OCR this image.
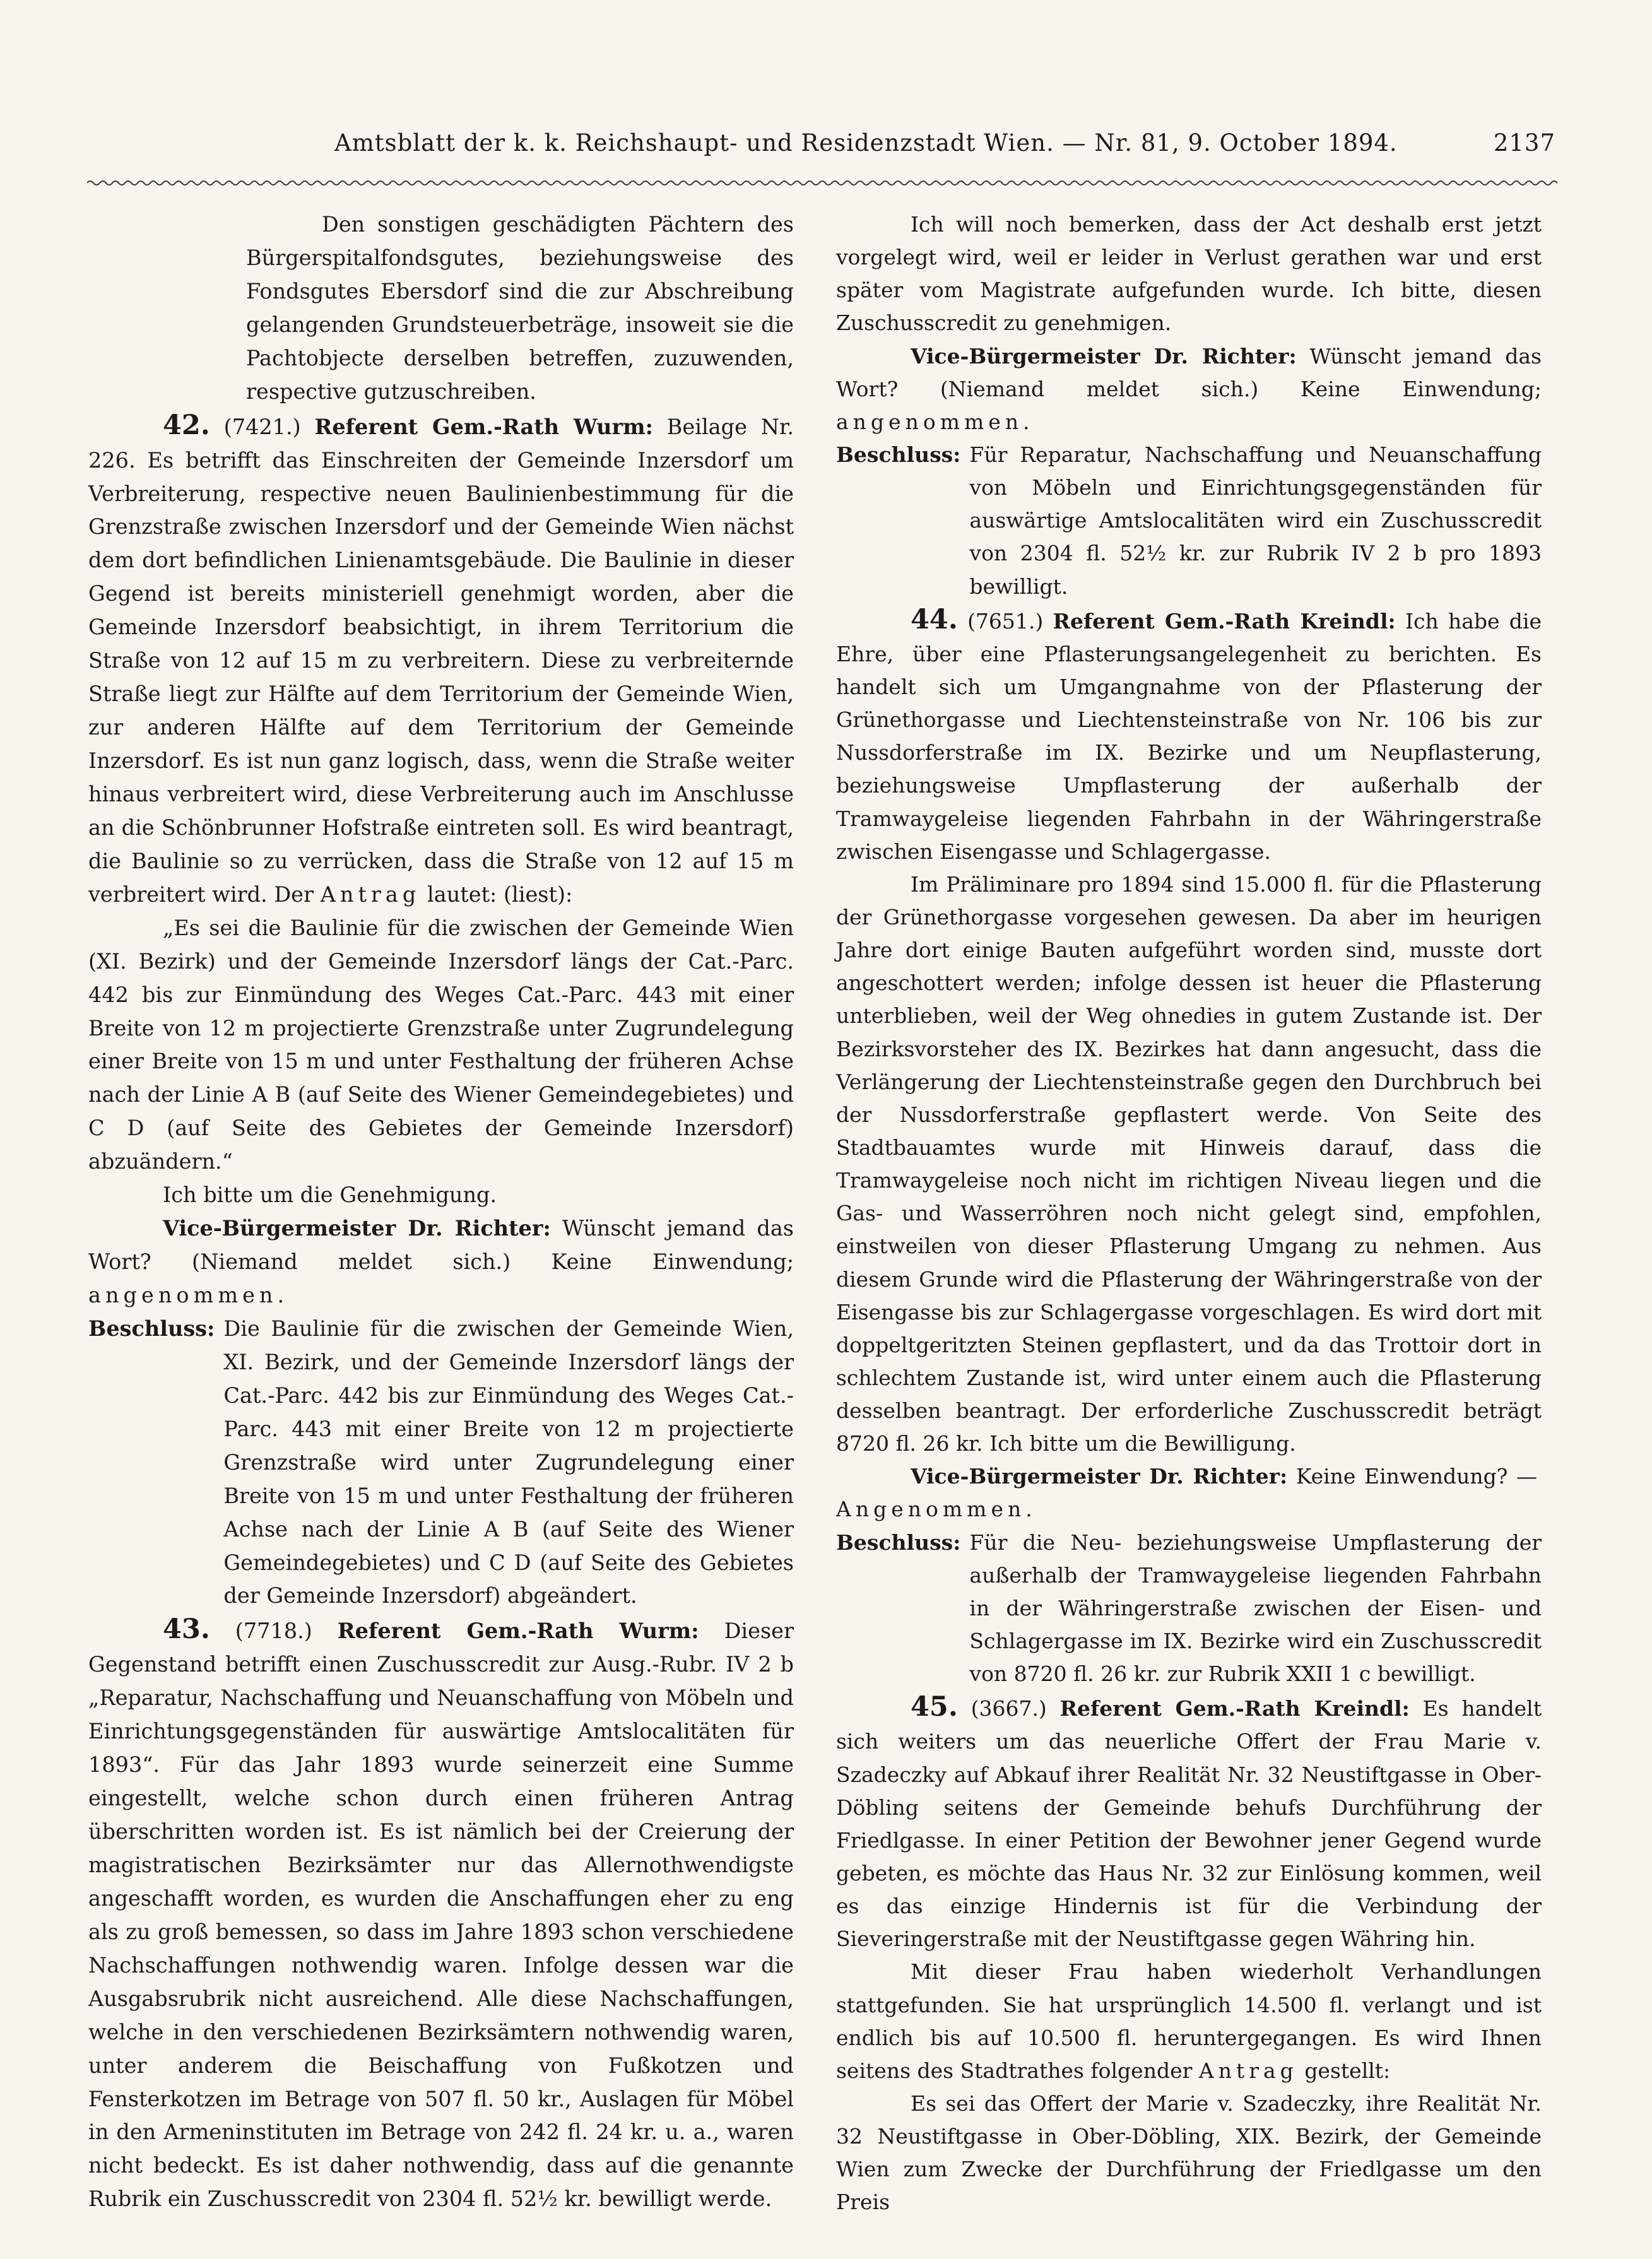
Amtsblatt der k. k. Reichshaupt- und Residenzstadt Wien. — Nr. 81, 9. October 1894.	2137

Den sonstigen geschädigten Pächtern des Bürgerspitalfondsgutes, beziehungsweise des Fondsgutes Ebersdorf sind die zur Abschreibung gelangenden Grundsteuerbeträge, insoweit sie die Pachtobjecte derselben betreffen, zuzuwenden, respective gutzuschreiben.

42. (7421.) Referent Gem.-Rath Wurm: Beilage Nr. 226. Es betrifft das Einschreiten der Gemeinde Inzersdorf um Verbreiterung, respective neuen Baulinienbestimmung für die Grenzstraße zwischen Inzersdorf und der Gemeinde Wien nächst dem dort befindlichen Linienamtsgebäude. Die Baulinie in dieser Gegend ist bereits ministeriell genehmigt worden, aber die Gemeinde Inzersdorf beabsichtigt, in ihrem Territorium die Straße von 12 auf 15 m zu verbreitern. Diese zu verbreiternde Straße liegt zur Hälfte auf dem Territorium der Gemeinde Wien, zur anderen Hälfte auf dem Territorium der Gemeinde Inzersdorf. Es ist nun ganz logisch, dass, wenn die Straße weiter hinaus verbreitert wird, diese Verbreiterung auch im Anschlusse an die Schönbrunner Hofstraße eintreten soll. Es wird beantragt, die Baulinie so zu verrücken, dass die Straße von 12 auf 15 m verbreitert wird. Der Antrag lautet: (liest):

„Es sei die Baulinie für die zwischen der Gemeinde Wien (XI. Bezirk) und der Gemeinde Inzersdorf längs der Cat.-Parc. 442 bis zur Einmündung des Weges Cat.-Parc. 443 mit einer Breite von 12 m projectierte Grenzstraße unter Zugrundelegung einer Breite von 15 m und unter Festhaltung der früheren Achse nach der Linie A B (auf Seite des Wiener Gemeindegebietes) und C D (auf Seite des Gebietes der Gemeinde Inzersdorf) abzuändern.“

Ich bitte um die Genehmigung.

Vice-Bürgermeister Dr. Richter: Wünscht jemand das Wort? (Niemand meldet sich.) Keine Einwendung; angenommen.

Beschluss: Die Baulinie für die zwischen der Gemeinde Wien, XI. Bezirk, und der Gemeinde Inzersdorf längs der Cat.-Parc. 442 bis zur Einmündung des Weges Cat.-Parc. 443 mit einer Breite von 12 m projectierte Grenzstraße wird unter Zugrundelegung einer Breite von 15 m und unter Festhaltung der früheren Achse nach der Linie A B (auf Seite des Wiener Gemeindegebietes) und C D (auf Seite des Gebietes der Gemeinde Inzersdorf) abgeändert.

43. (7718.) Referent Gem.-Rath Wurm: Dieser Gegenstand betrifft einen Zuschusscredit zur Ausg.-Rubr. IV 2 b „Reparatur, Nachschaffung und Neuanschaffung von Möbeln und Einrichtungsgegenständen für auswärtige Amtslocalitäten für 1893“. Für das Jahr 1893 wurde seinerzeit eine Summe eingestellt, welche schon durch einen früheren Antrag überschritten worden ist. Es ist nämlich bei der Creierung der magistratischen Bezirksämter nur das Allernothwendigste angeschafft worden, es wurden die Anschaffungen eher zu eng als zu groß bemessen, so dass im Jahre 1893 schon verschiedene Nachschaffungen nothwendig waren. Infolge dessen war die Ausgabsrubrik nicht ausreichend. Alle diese Nachschaffungen, welche in den verschiedenen Bezirksämtern nothwendig waren, unter anderem die Beischaffung von Fußkotzen und Fensterkotzen im Betrage von 507 fl. 50 kr., Auslagen für Möbel in den Armeninstituten im Betrage von 242 fl. 24 kr. u. a., waren nicht bedeckt. Es ist daher nothwendig, dass auf die genannte Rubrik ein Zuschusscredit von 2304 fl. 52½ kr. bewilligt werde.

Ich will noch bemerken, dass der Act deshalb erst jetzt vorgelegt wird, weil er leider in Verlust gerathen war und erst später vom Magistrate aufgefunden wurde. Ich bitte, diesen Zuschusscredit zu genehmigen.

Vice-Bürgermeister Dr. Richter: Wünscht jemand das Wort? (Niemand meldet sich.) Keine Einwendung; angenommen.

Beschluss: Für Reparatur, Nachschaffung und Neuanschaffung von Möbeln und Einrichtungsgegenständen für auswärtige Amtslocalitäten wird ein Zuschusscredit von 2304 fl. 52½ kr. zur Rubrik IV 2 b pro 1893 bewilligt.

44. (7651.) Referent Gem.-Rath Kreindl: Ich habe die Ehre, über eine Pflasterungsangelegenheit zu berichten. Es handelt sich um Umgangnahme von der Pflasterung der Grünethorgasse und Liechtensteinstraße von Nr. 106 bis zur Nussdorferstraße im IX. Bezirke und um Neupflasterung, beziehungsweise Umpflasterung der außerhalb der Tramwaygeleise liegenden Fahrbahn in der Währingerstraße zwischen Eisengasse und Schlagergasse.

Im Präliminare pro 1894 sind 15.000 fl. für die Pflasterung der Grünethorgasse vorgesehen gewesen. Da aber im heurigen Jahre dort einige Bauten aufgeführt worden sind, musste dort angeschottert werden; infolge dessen ist heuer die Pflasterung unterblieben, weil der Weg ohnedies in gutem Zustande ist. Der Bezirksvorsteher des IX. Bezirkes hat dann angesucht, dass die Verlängerung der Liechtensteinstraße gegen den Durchbruch bei der Nussdorferstraße gepflastert werde. Von Seite des Stadtbauamtes wurde mit Hinweis darauf, dass die Tramwaygeleise noch nicht im richtigen Niveau liegen und die Gas- und Wasserröhren noch nicht gelegt sind, empfohlen, einstweilen von dieser Pflasterung Umgang zu nehmen. Aus diesem Grunde wird die Pflasterung der Währingerstraße von der Eisengasse bis zur Schlagergasse vorgeschlagen. Es wird dort mit doppeltgeritzten Steinen gepflastert, und da das Trottoir dort in schlechtem Zustande ist, wird unter einem auch die Pflasterung desselben beantragt. Der erforderliche Zuschusscredit beträgt 8720 fl. 26 kr. Ich bitte um die Bewilligung.

Vice-Bürgermeister Dr. Richter: Keine Einwendung? — Angenommen.

Beschluss: Für die Neu- beziehungsweise Umpflasterung der außerhalb der Tramwaygeleise liegenden Fahrbahn in der Währingerstraße zwischen der Eisen- und Schlagergasse im IX. Bezirke wird ein Zuschusscredit von 8720 fl. 26 kr. zur Rubrik XXII 1 c bewilligt.

45. (3667.) Referent Gem.-Rath Kreindl: Es handelt sich weiters um das neuerliche Offert der Frau Marie v. Szadeczky auf Abkauf ihrer Realität Nr. 32 Neustiftgasse in Ober-Döbling seitens der Gemeinde behufs Durchführung der Friedlgasse. In einer Petition der Bewohner jener Gegend wurde gebeten, es möchte das Haus Nr. 32 zur Einlösung kommen, weil es das einzige Hindernis ist für die Verbindung der Sieveringerstraße mit der Neustiftgasse gegen Währing hin.

Mit dieser Frau haben wiederholt Verhandlungen stattgefunden. Sie hat ursprünglich 14.500 fl. verlangt und ist endlich bis auf 10.500 fl. heruntergegangen. Es wird Ihnen seitens des Stadtrathes folgender Antrag gestellt:

Es sei das Offert der Marie v. Szadeczky, ihre Realität Nr. 32 Neustiftgasse in Ober-Döbling, XIX. Bezirk, der Gemeinde Wien zum Zwecke der Durchführung der Friedlgasse um den Preis
